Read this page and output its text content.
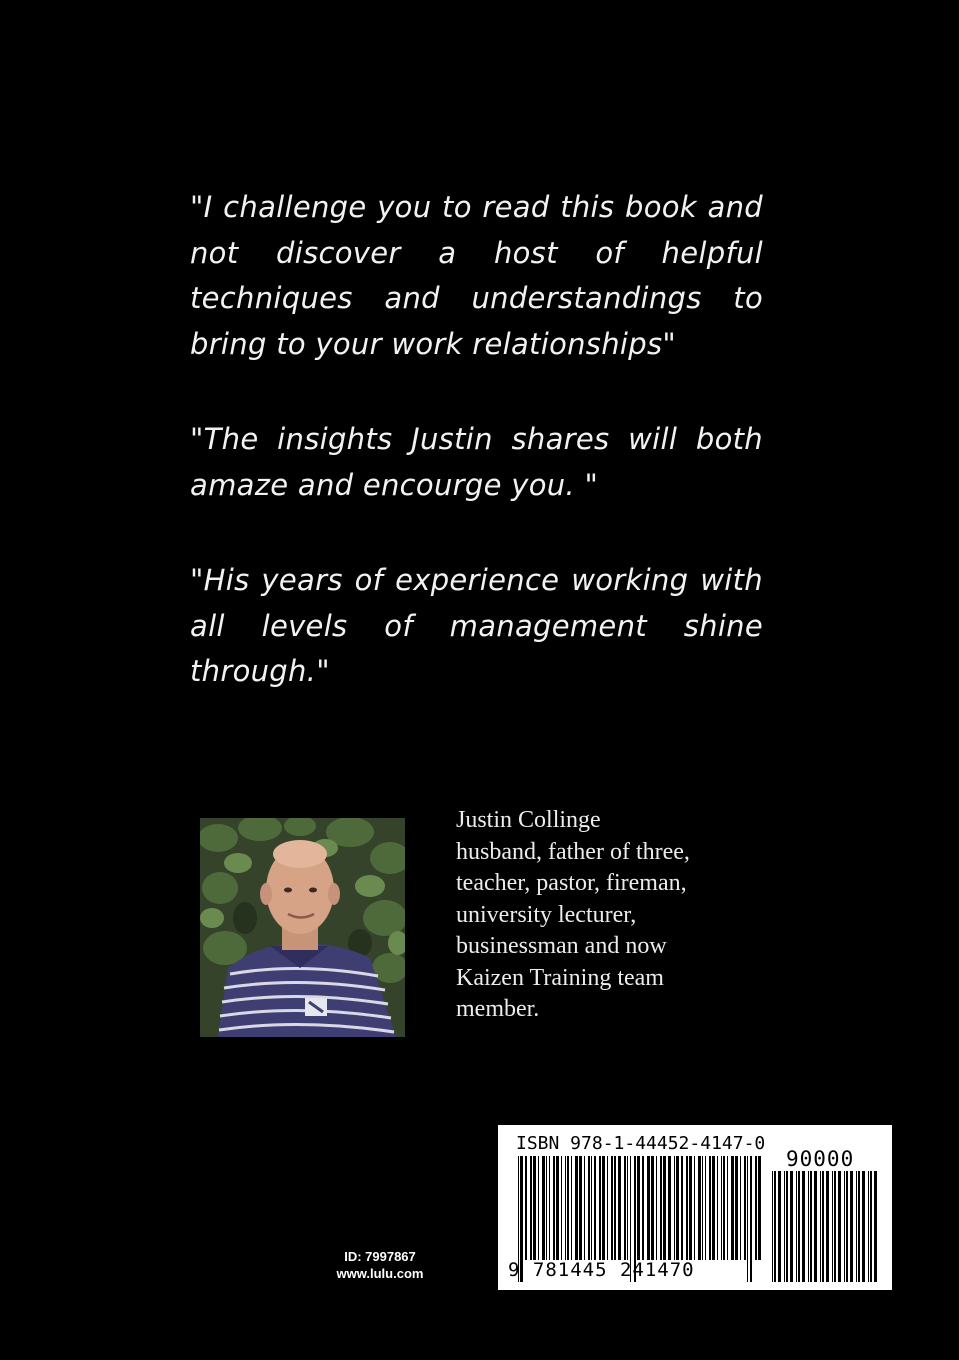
"I challenge you to read this book and not discover a host of helpful techniques and understandings to bring to your work relationships"
"The insights Justin shares will both amaze and encourge you. "
"His years of experience working with all levels of management shine through."
Justin Collinge
husband, father of three,
teacher, pastor, fireman,
university lecturer,
businessman and now
Kaizen Training team
member.
ID: 7997867
www.lulu.com
ISBN 978-1-44452-4147-0
90000
9 781445 241470
